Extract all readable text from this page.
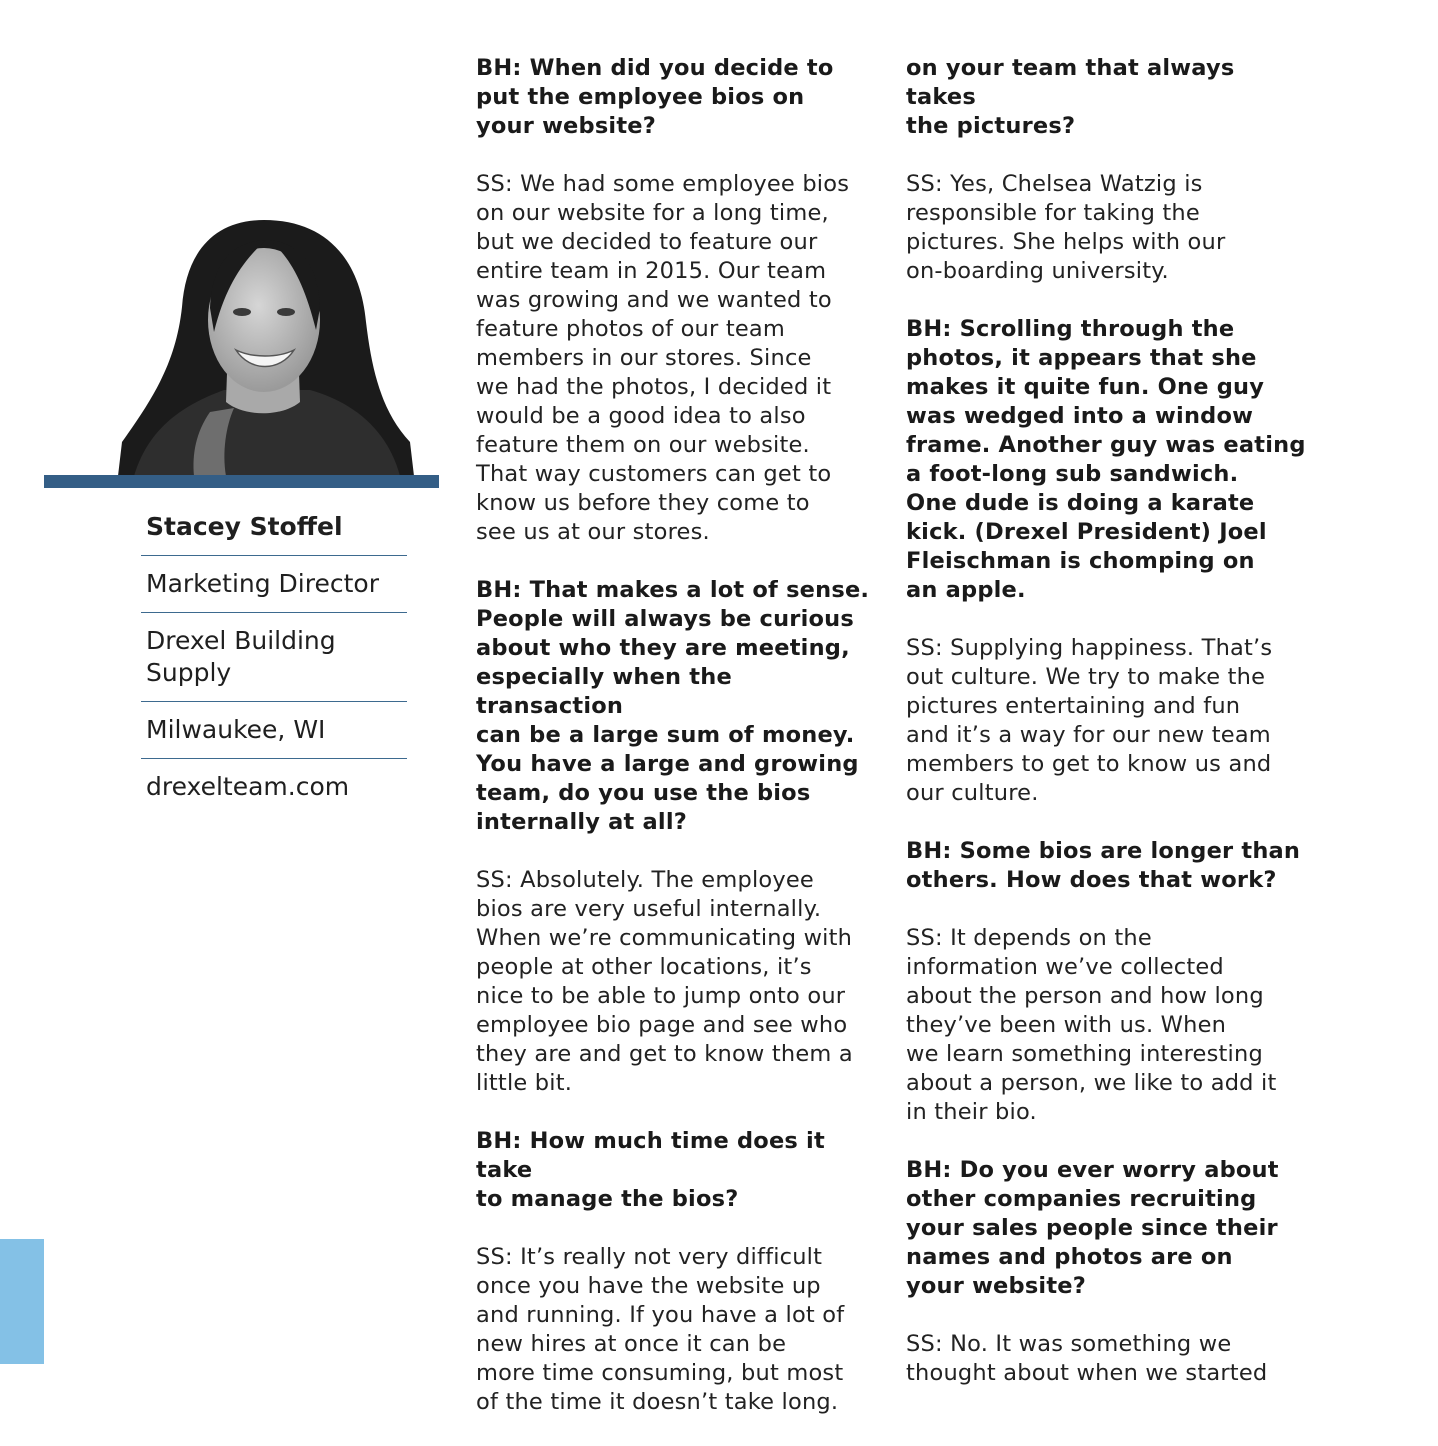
Stacey Stoffel
Marketing Director
Drexel Building Supply
Milwaukee, WI
drexelteam.com

BH: When did you decide to
put the employee bios on
your website?

SS: We had some employee bios
on our website for a long time,
but we decided to feature our
entire team in 2015. Our team
was growing and we wanted to
feature photos of our team
members in our stores. Since
we had the photos, I decided it
would be a good idea to also
feature them on our website.
That way customers can get to
know us before they come to
see us at our stores.

BH: That makes a lot of sense.
People will always be curious
about who they are meeting,
especially when the transaction
can be a large sum of money.
You have a large and growing
team, do you use the bios
internally at all?

SS: Absolutely. The employee
bios are very useful internally.
When we’re communicating with
people at other locations, it’s
nice to be able to jump onto our
employee bio page and see who
they are and get to know them a
little bit.

BH: How much time does it take
to manage the bios?

SS: It’s really not very difficult
once you have the website up
and running. If you have a lot of
new hires at once it can be
more time consuming, but most
of the time it doesn’t take long.

on your team that always takes
the pictures?

SS: Yes, Chelsea Watzig is
responsible for taking the
pictures. She helps with our
on-boarding university.

BH: Scrolling through the
photos, it appears that she
makes it quite fun. One guy
was wedged into a window
frame. Another guy was eating
a foot-long sub sandwich.
One dude is doing a karate
kick. (Drexel President) Joel
Fleischman is chomping on
an apple.

SS: Supplying happiness. That’s
out culture. We try to make the
pictures entertaining and fun
and it’s a way for our new team
members to get to know us and
our culture.

BH: Some bios are longer than
others. How does that work?

SS: It depends on the
information we’ve collected
about the person and how long
they’ve been with us. When
we learn something interesting
about a person, we like to add it
in their bio.

BH: Do you ever worry about
other companies recruiting
your sales people since their
names and photos are on
your website?

SS: No. It was something we
thought about when we started
